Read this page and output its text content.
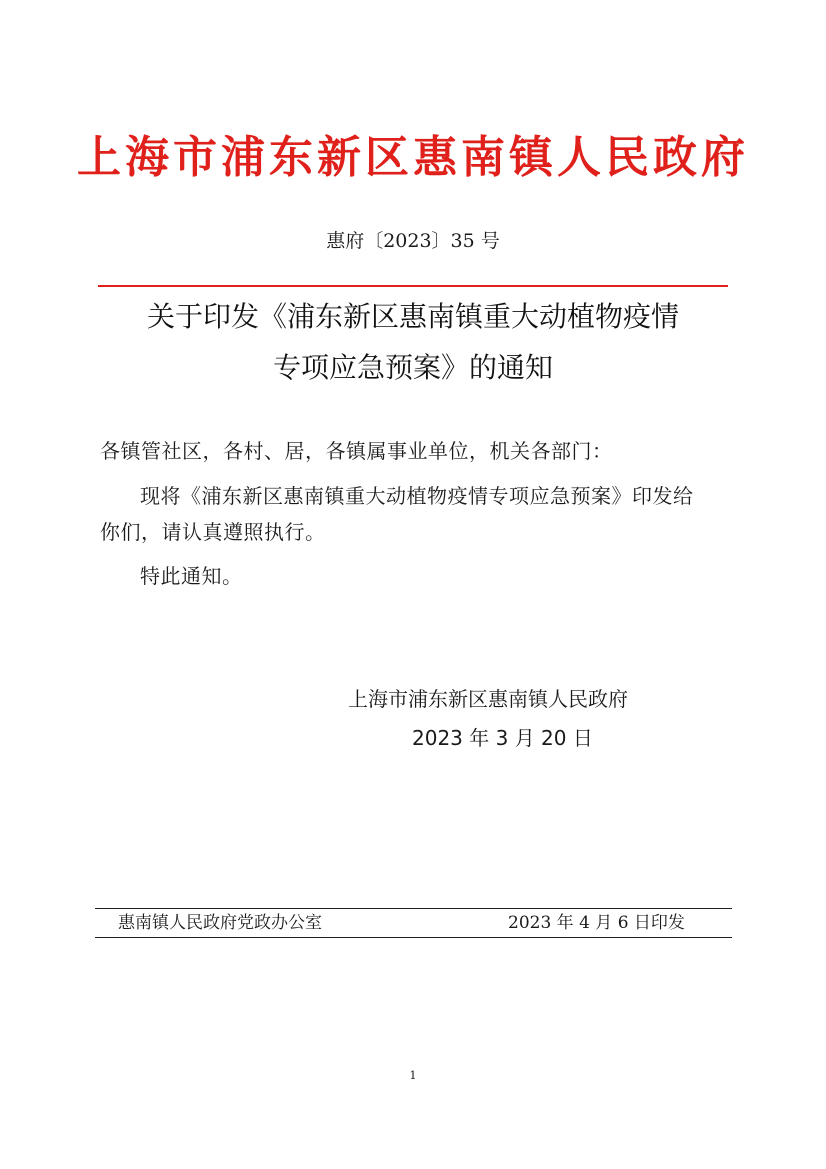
上海市浦东新区惠南镇人民政府
惠府〔2023〕35 号
关于印发《浦东新区惠南镇重大动植物疫情
专项应急预案》的通知
各镇管社区，各村、居，各镇属事业单位，机关各部门：
现将《浦东新区惠南镇重大动植物疫情专项应急预案》印发给
你们，请认真遵照执行。
特此通知。
上海市浦东新区惠南镇人民政府
2023 年 3 月 20 日
惠南镇人民政府党政办公室	2023 年 4 月 6 日印发
1
